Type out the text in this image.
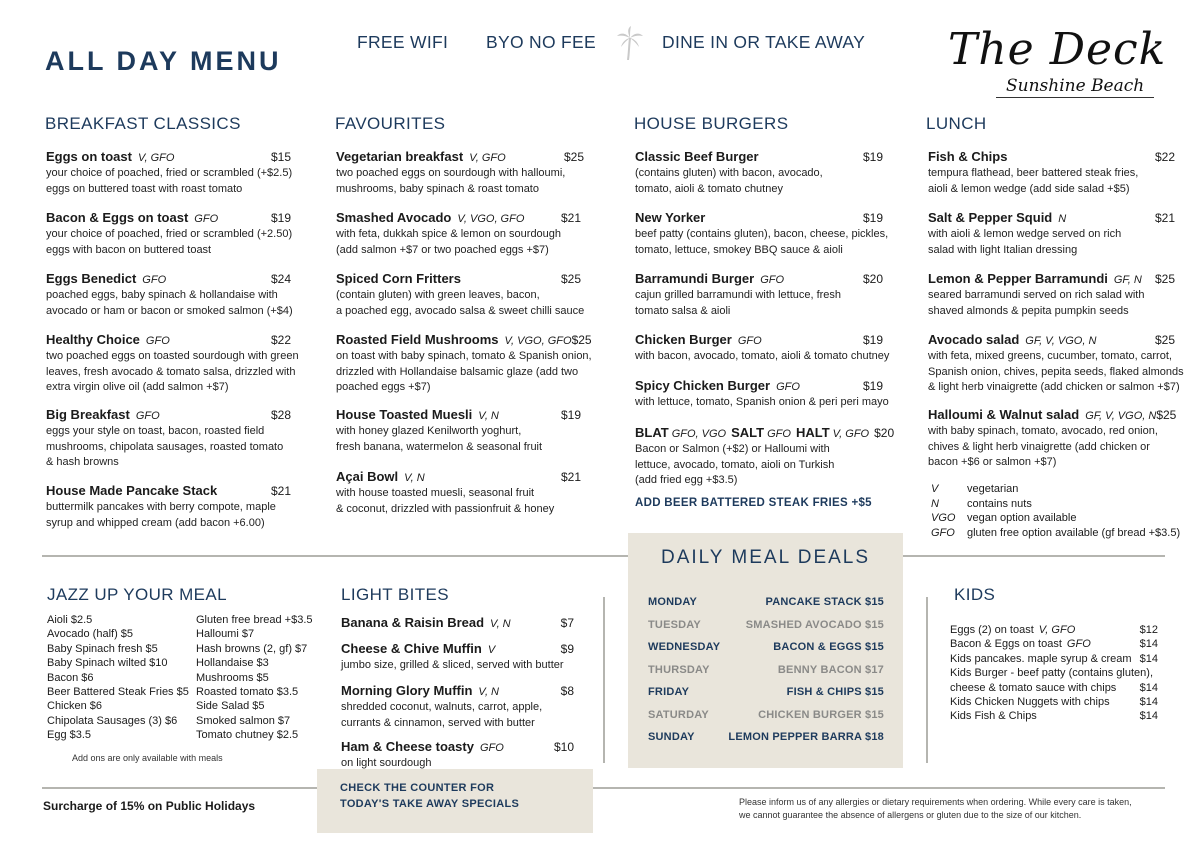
ALL DAY MENU
FREE WIFI BYO NO FEE	DINE IN OR TAKE AWAY The Deck
Sunshine Beach
BREAKFAST CLASSICS
Eggs on toast V, GFO	$15
your choice of poached, fried or scrambled (+$2.5)
eggs on buttered toast with roast tomato
Bacon & Eggs on toast GFO	$19
your choice of poached, fried or scrambled (+2.50)
eggs with bacon on buttered toast
Eggs Benedict GFO	$24
poached eggs, baby spinach & hollandaise with
avocado or ham or bacon or smoked salmon (+$4)
Healthy Choice GFO	$22
two poached eggs on toasted sourdough with green
leaves, fresh avocado & tomato salsa, drizzled with
extra virgin olive oil (add salmon +$7)
Big Breakfast GFO	$28
eggs your style on toast, bacon, roasted field
mushrooms, chipolata sausages, roasted tomato
& hash browns
House Made Pancake Stack	$21
buttermilk pancakes with berry compote, maple
syrup and whipped cream (add bacon +6.00)
FAVOURITES
Vegetarian breakfast V, GFO	$25
two poached eggs on sourdough with halloumi,
mushrooms, baby spinach & roast tomato
Smashed Avocado V, VGO, GFO	$21
with feta, dukkah spice & lemon on sourdough
(add salmon +$7 or two poached eggs +$7)
Spiced Corn Fritters	$25
(contain gluten) with green leaves, bacon,
a poached egg, avocado salsa & sweet chilli sauce
Roasted Field Mushrooms V, VGO, GFO $25
on toast with baby spinach, tomato & Spanish onion,
drizzled with Hollandaise balsamic glaze (add two
poached eggs +$7)
House Toasted Muesli V, N	$19
with honey glazed Kenilworth yoghurt,
fresh banana, watermelon & seasonal fruit
Açai Bowl V, N	$21
with house toasted muesli, seasonal fruit
& coconut, drizzled with passionfruit & honey
HOUSE BURGERS
Classic Beef Burger	$19
(contains gluten) with bacon, avocado,
tomato, aioli & tomato chutney
New Yorker	$19
beef patty (contains gluten), bacon, cheese, pickles,
tomato, lettuce, smokey BBQ sauce & aioli
Barramundi Burger GFO	$20
cajun grilled barramundi with lettuce, fresh
tomato salsa & aioli
Chicken Burger GFO	$19
with bacon, avocado, tomato, aioli & tomato chutney
Spicy Chicken Burger GFO	$19
with lettuce, tomato, Spanish onion & peri peri mayo
BLAT GFO, VGO SALT GFO HALT V, GFO $20
Bacon or Salmon (+$2) or Halloumi with
lettuce, avocado, tomato, aioli on Turkish
(add fried egg +$3.5)
ADD BEER BATTERED STEAK FRIES +$5
LUNCH
Fish & Chips	$22
tempura flathead, beer battered steak fries,
aioli & lemon wedge (add side salad +$5)
Salt & Pepper Squid N	$21
with aioli & lemon wedge served on rich
salad with light Italian dressing
Lemon & Pepper Barramundi GF, N $25
seared barramundi served on rich salad with
shaved almonds & pepita pumpkin seeds
Avocado salad GF, V, VGO, N	$25
with feta, mixed greens, cucumber, tomato, carrot,
Spanish onion, chives, pepita seeds, flaked almonds
& light herb vinaigrette (add chicken or salmon +$7)
Halloumi & Walnut salad GF, V, VGO, N $25
with baby spinach, tomato, avocado, red onion,
chives & light herb vinaigrette (add chicken or
bacon +$6 or salmon +$7)
V	vegetarian
N	contains nuts
VGO	vegan option available
GFO	gluten free option available (gf bread +$3.5)
JAZZ UP YOUR MEAL
Aioli $2.5
Avocado (half) $5
Baby Spinach fresh $5
Baby Spinach wilted $10
Bacon $6
Beer Battered Steak Fries $5
Chicken $6
Chipolata Sausages (3) $6
Egg $3.5
Gluten free bread +$3.5
Halloumi $7
Hash browns (2, gf) $7
Hollandaise $3
Mushrooms $5
Roasted tomato $3.5
Side Salad $5
Smoked salmon $7
Tomato chutney $2.5
Add ons are only available with meals
LIGHT BITES
Banana & Raisin Bread V, N	$7
Cheese & Chive Muffin V	$9
jumbo size, grilled & sliced, served with butter
Morning Glory Muffin V, N	$8
shredded coconut, walnuts, carrot, apple,
currants & cinnamon, served with butter
Ham & Cheese toasty GFO	$10
on light sourdough
CHECK THE COUNTER FOR
TODAY'S TAKE AWAY SPECIALS
DAILY MEAL DEALS
MONDAY	PANCAKE STACK $15
TUESDAY	SMASHED AVOCADO $15
WEDNESDAY	BACON & EGGS $15
THURSDAY	BENNY BACON $17
FRIDAY	FISH & CHIPS $15
SATURDAY	CHICKEN BURGER $15
SUNDAY	LEMON PEPPER BARRA $18
KIDS
Eggs (2) on toast V, GFO	$12
Bacon & Eggs on toast GFO	$14
Kids pancakes. maple syrup & cream $14
Kids Burger - beef patty (contains gluten),
cheese & tomato sauce with chips $14
Kids Chicken Nuggets with chips	$14
Kids Fish & Chips	$14
Surcharge of 15% on Public Holidays	Please inform us of any allergies or dietary requirements when ordering. While every care is taken,
we cannot guarantee the absence of allergens or gluten due to the size of our kitchen.
